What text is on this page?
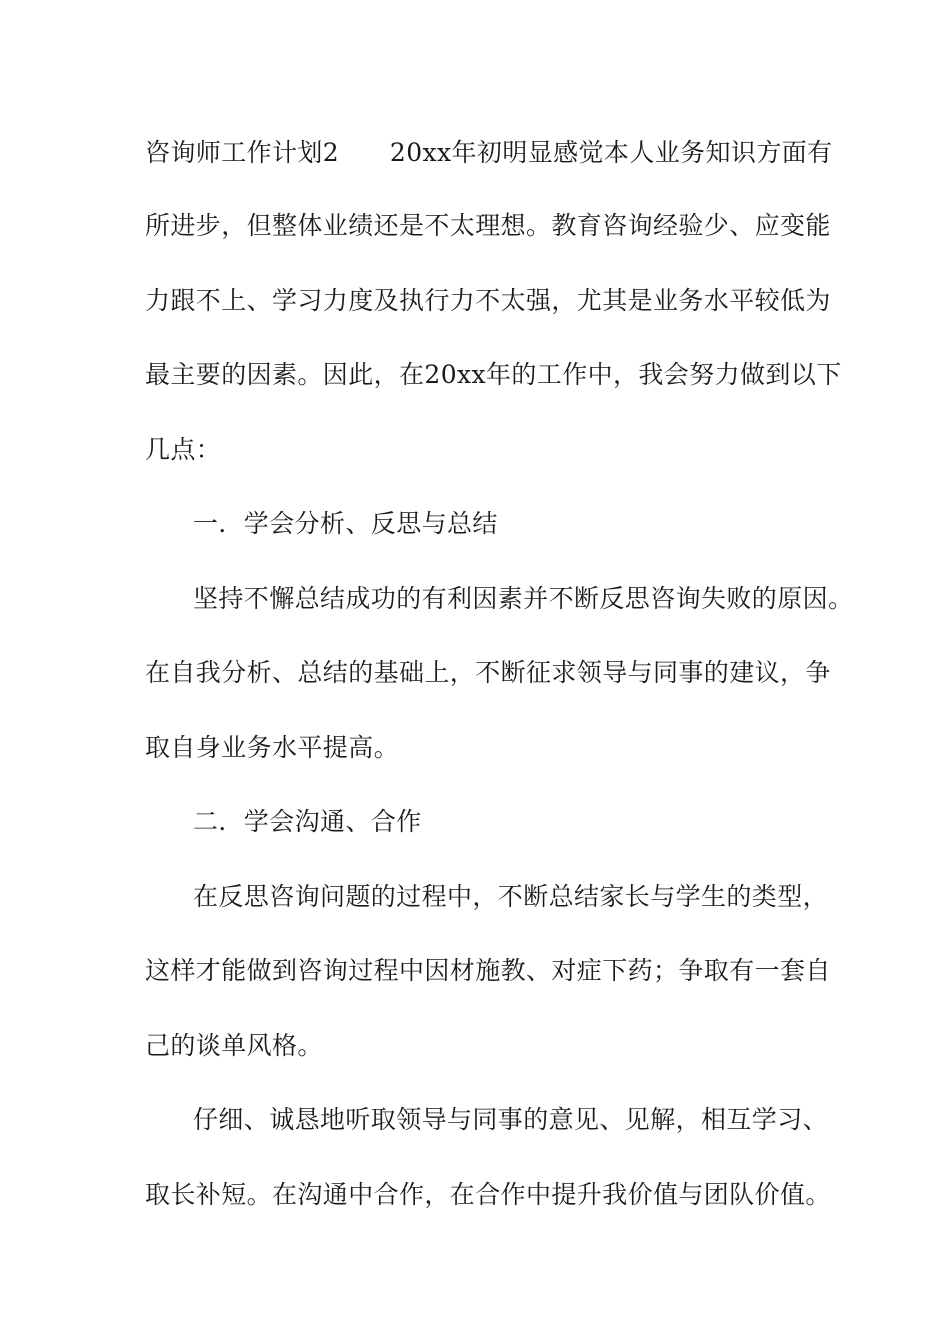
咨询师工作计划2　　20xx年初明显感觉本人业务知识方面有
所进步，但整体业绩还是不太理想。教育咨询经验少、应变能
力跟不上、学习力度及执行力不太强，尤其是业务水平较低为
最主要的因素。因此，在20xx年的工作中，我会努力做到以下
几点：
一．学会分析、反思与总结
坚持不懈总结成功的有利因素并不断反思咨询失败的原因。
在自我分析、总结的基础上，不断征求领导与同事的建议，争
取自身业务水平提高。
二．学会沟通、合作
在反思咨询问题的过程中，不断总结家长与学生的类型，
这样才能做到咨询过程中因材施教、对症下药；争取有一套自
己的谈单风格。
仔细、诚恳地听取领导与同事的意见、见解，相互学习、
取长补短。在沟通中合作，在合作中提升我价值与团队价值。
